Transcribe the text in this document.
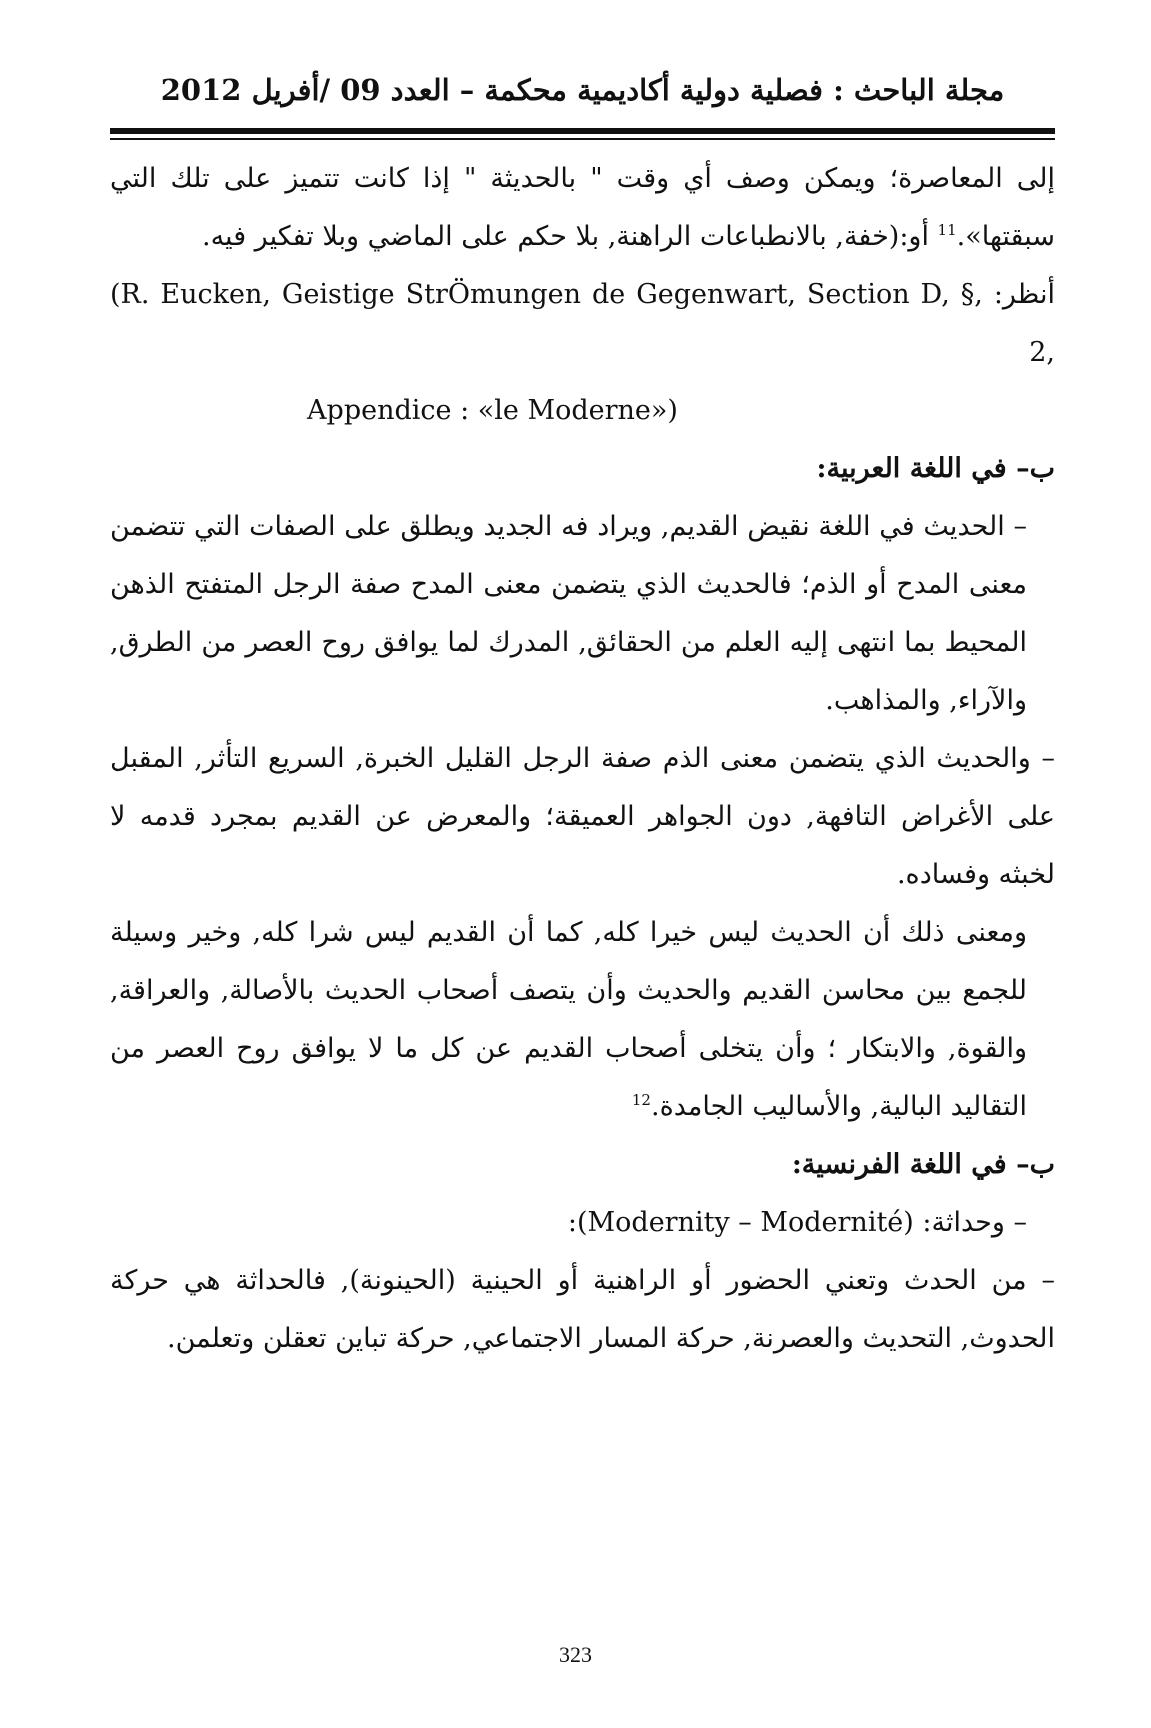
مجلة الباحث : فصلية دولية أكاديمية محكمة – العدد 09 /أفريل 2012

إلى المعاصرة؛ ويمكن وصف أي وقت " بالحديثة " إذا كانت تتميز على تلك التي سبقتها».$^{11}$ أو:(خفة, بالانطباعات الراهنة, بلا حكم على الماضي وبلا تفكير فيه.

أنظر: (R. Eucken, Geistige StrÖmungen de Gegenwart, Section D, §, 2,

Appendice : «le Moderne»)

ب– في اللغة العربية:

– الحديث في اللغة نقيض القديم, ويراد فه الجديد ويطلق على الصفات التي تتضمن معنى المدح أو الذم؛ فالحديث الذي يتضمن معنى المدح صفة الرجل المتفتح الذهن المحيط بما انتهى إليه العلم من الحقائق, المدرك لما يوافق روح العصر من الطرق, والآراء, والمذاهب.

– والحديث الذي يتضمن معنى الذم صفة الرجل القليل الخبرة, السريع التأثر, المقبل على الأغراض التافهة, دون الجواهر العميقة؛ والمعرض عن القديم بمجرد قدمه لا لخبثه وفساده.

ومعنى ذلك أن الحديث ليس خيرا كله, كما أن القديم ليس شرا كله, وخير وسيلة للجمع بين محاسن القديم والحديث وأن يتصف أصحاب الحديث بالأصالة, والعراقة, والقوة, والابتكار ؛ وأن يتخلى أصحاب القديم عن كل ما لا يوافق روح العصر من التقاليد البالية, والأساليب الجامدة.$^{12}$

ب– في اللغة الفرنسية:

– وحداثة: (Modernity – Modernité):

– من الحدث وتعني الحضور أو الراهنية أو الحينية (الحينونة), فالحداثة هي حركة الحدوث, التحديث والعصرنة, حركة المسار الاجتماعي, حركة تباين تعقلن وتعلمن.

323
